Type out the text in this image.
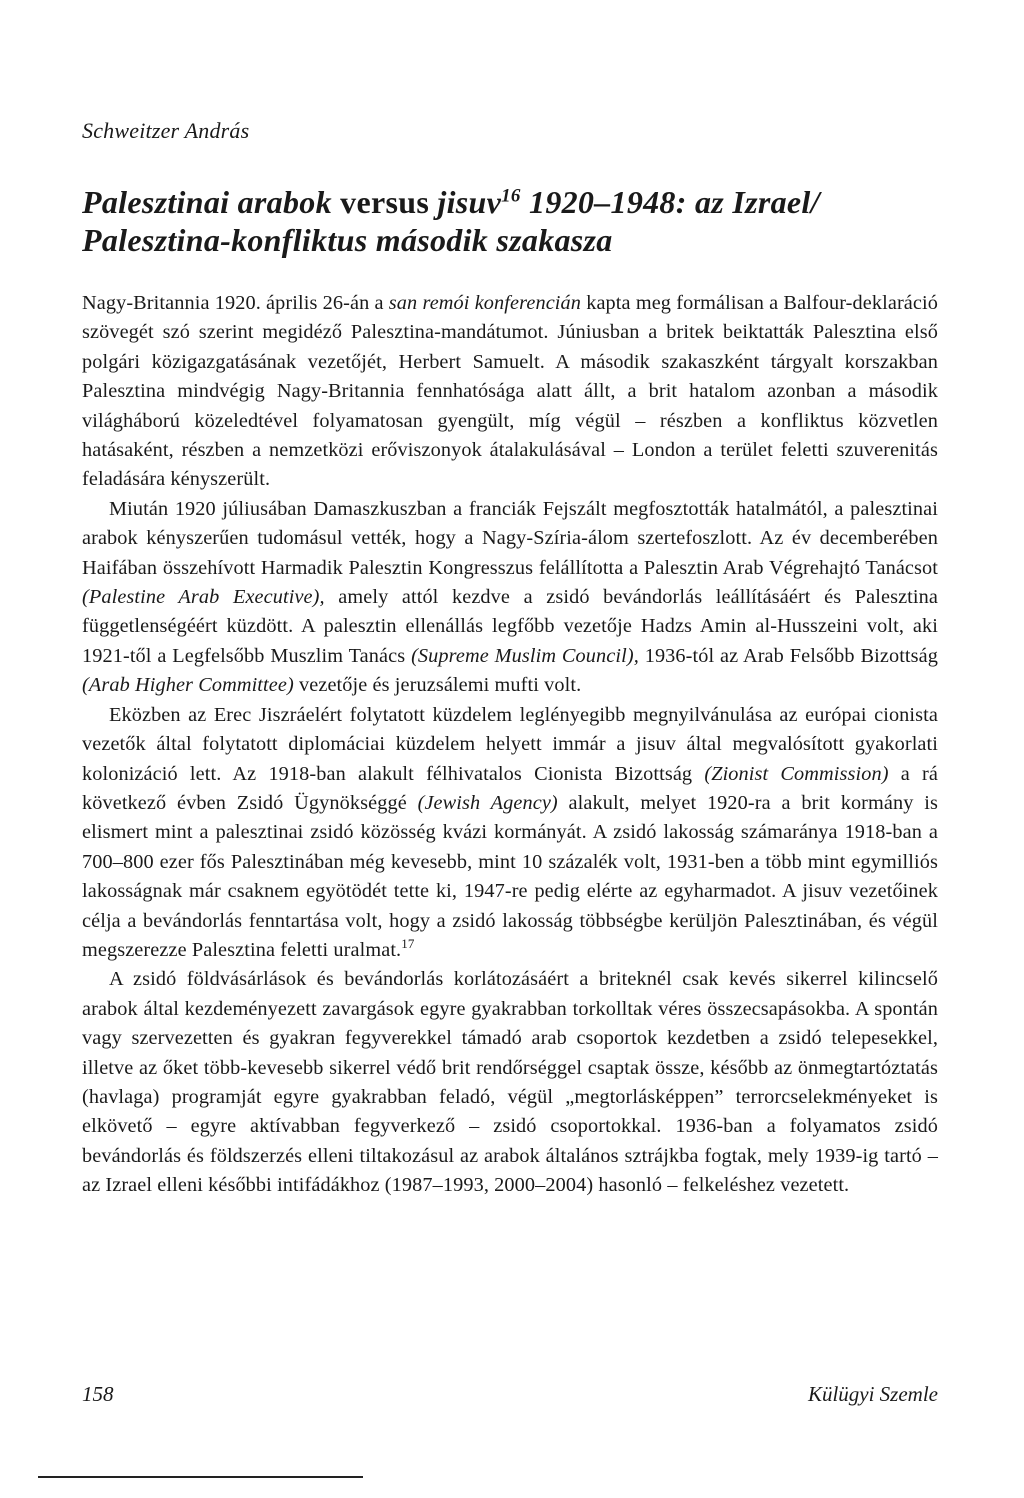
Schweitzer András
Palesztinai arabok versus jisuv$^{16}$ 1920–1948: az Izrael/ Palesztina-konfliktus második szakasza

Nagy-Britannia 1920. április 26-án a san remói konferencián kapta meg formálisan a Balfour-deklaráció szövegét szó szerint megidéző Palesztina-mandátumot. Júniusban a britek beiktatták Palesztina első polgári közigazgatásának vezetőjét, Herbert Samuelt. A második szakaszként tárgyalt korszakban Palesztina mindvégig Nagy-Britannia fennhatósága alatt állt, a brit hatalom azonban a második világháború közeledtével folyamatosan gyengült, míg végül – részben a konfliktus közvetlen hatásaként, részben a nemzetközi erőviszonyok átalakulásával – London a terület feletti szuverenitás feladására kényszerült.

Miután 1920 júliusában Damaszkuszban a franciák Fejszált megfosztották hatalmától, a palesztinai arabok kényszerűen tudomásul vették, hogy a Nagy-Szíria-álom szertefoszlott. Az év decemberében Haifában összehívott Harmadik Palesztin Kongresszus felállította a Palesztin Arab Végrehajtó Tanácsot (Palestine Arab Executive), amely attól kezdve a zsidó bevándorlás leállításáért és Palesztina függetlenségéért küzdött. A palesztin ellenállás legfőbb vezetője Hadzs Amin al-Husszeini volt, aki 1921-től a Legfelsőbb Muszlim Tanács (Supreme Muslim Council), 1936-tól az Arab Felsőbb Bizottság (Arab Higher Committee) vezetője és jeruzsálemi mufti volt.

Eközben az Erec Jiszráelért folytatott küzdelem leglényegibb megnyilvánulása az európai cionista vezetők által folytatott diplomáciai küzdelem helyett immár a jisuv által megvalósított gyakorlati kolonizáció lett. Az 1918-ban alakult félhivatalos Cionista Bizottság (Zionist Commission) a rá következő évben Zsidó Ügynökséggé (Jewish Agency) alakult, melyet 1920-ra a brit kormány is elismert mint a palesztinai zsidó közösség kvázi kormányát. A zsidó lakosság számaránya 1918-ban a 700–800 ezer fős Palesztinában még kevesebb, mint 10 százalék volt, 1931-ben a több mint egymilliós lakosságnak már csaknem egyötödét tette ki, 1947-re pedig elérte az egyharmadot. A jisuv vezetőinek célja a bevándorlás fenntartása volt, hogy a zsidó lakosság többségbe kerüljön Palesztinában, és végül megszerezze Palesztina feletti uralmat.$^{17}$

A zsidó földvásárlások és bevándorlás korlátozásáért a briteknél csak kevés sikerrel kilincselő arabok által kezdeményezett zavargások egyre gyakrabban torkolltak véres összecsapásokba. A spontán vagy szervezetten és gyakran fegyverekkel támadó arab csoportok kezdetben a zsidó telepesekkel, illetve az őket több-kevesebb sikerrel védő brit rendőrséggel csaptak össze, később az önmegtartóztatás (havlaga) programját egyre gyakrabban feladó, végül „megtorlásképpen” terrorcselekményeket is elkövető – egyre aktívabban fegyverkező – zsidó csoportokkal. 1936-ban a folyamatos zsidó bevándorlás és földszerzés elleni tiltakozásul az arabok általános sztrájkba fogtak, mely 1939-ig tartó – az Izrael elleni későbbi intifádákhoz (1987–1993, 2000–2004) hasonló – felkeléshez vezetett.

158	Külügyi Szemle
